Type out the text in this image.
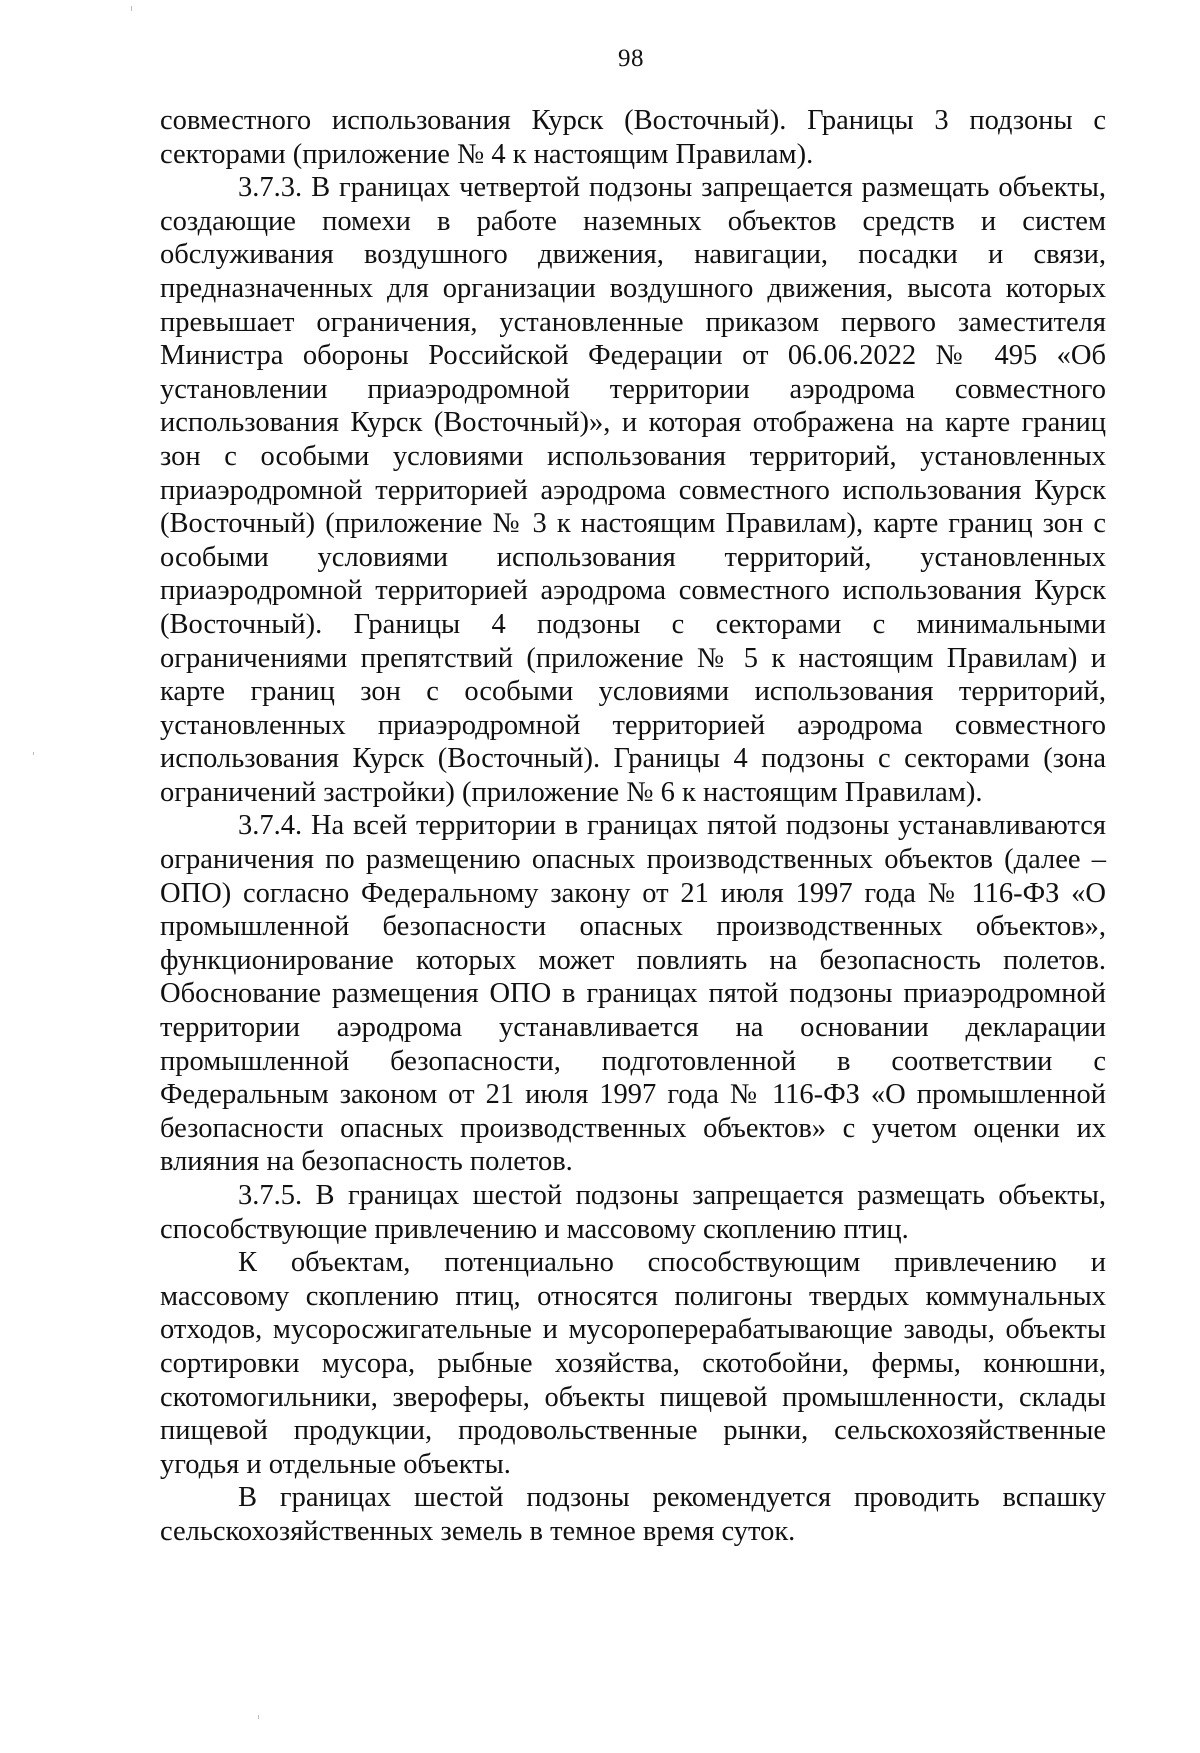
98

совместного использования Курск (Восточный). Границы 3 подзоны с секторами (приложение № 4 к настоящим Правилам).

3.7.3. В границах четвертой подзоны запрещается размещать объекты, создающие помехи в работе наземных объектов средств и систем обслуживания воздушного движения, навигации, посадки и связи, предназначенных для организации воздушного движения, высота которых превышает ограничения, установленные приказом первого заместителя Министра обороны Российской Федерации от 06.06.2022 № 495 «Об установлении приаэродромной территории аэродрома совместного использования Курск (Восточный)», и которая отображена на карте границ зон с особыми условиями использования территорий, установленных приаэродромной территорией аэродрома совместного использования Курск (Восточный) (приложение № 3 к настоящим Правилам), карте границ зон с особыми условиями использования территорий, установленных приаэродромной территорией аэродрома совместного использования Курск (Восточный). Границы 4 подзоны с секторами с минимальными ограничениями препятствий (приложение № 5 к настоящим Правилам) и карте границ зон с особыми условиями использования территорий, установленных приаэродромной территорией аэродрома совместного использования Курск (Восточный). Границы 4 подзоны с секторами (зона ограничений застройки) (приложение № 6 к настоящим Правилам).

3.7.4. На всей территории в границах пятой подзоны устанавливаются ограничения по размещению опасных производственных объектов (далее – ОПО) согласно Федеральному закону от 21 июля 1997 года № 116-ФЗ «О промышленной безопасности опасных производственных объектов», функционирование которых может повлиять на безопасность полетов. Обоснование размещения ОПО в границах пятой подзоны приаэродромной территории аэродрома устанавливается на основании декларации промышленной безопасности, подготовленной в соответствии с Федеральным законом от 21 июля 1997 года № 116-ФЗ «О промышленной безопасности опасных производственных объектов» с учетом оценки их влияния на безопасность полетов.

3.7.5. В границах шестой подзоны запрещается размещать объекты, способствующие привлечению и массовому скоплению птиц.

К объектам, потенциально способствующим привлечению и массовому скоплению птиц, относятся полигоны твердых коммунальных отходов, мусоросжигательные и мусороперерабатывающие заводы, объекты сортировки мусора, рыбные хозяйства, скотобойни, фермы, конюшни, скотомогильники, звероферы, объекты пищевой промышленности, склады пищевой продукции, продовольственные рынки, сельскохозяйственные угодья и отдельные объекты.

В границах шестой подзоны рекомендуется проводить вспашку сельскохозяйственных земель в темное время суток.
